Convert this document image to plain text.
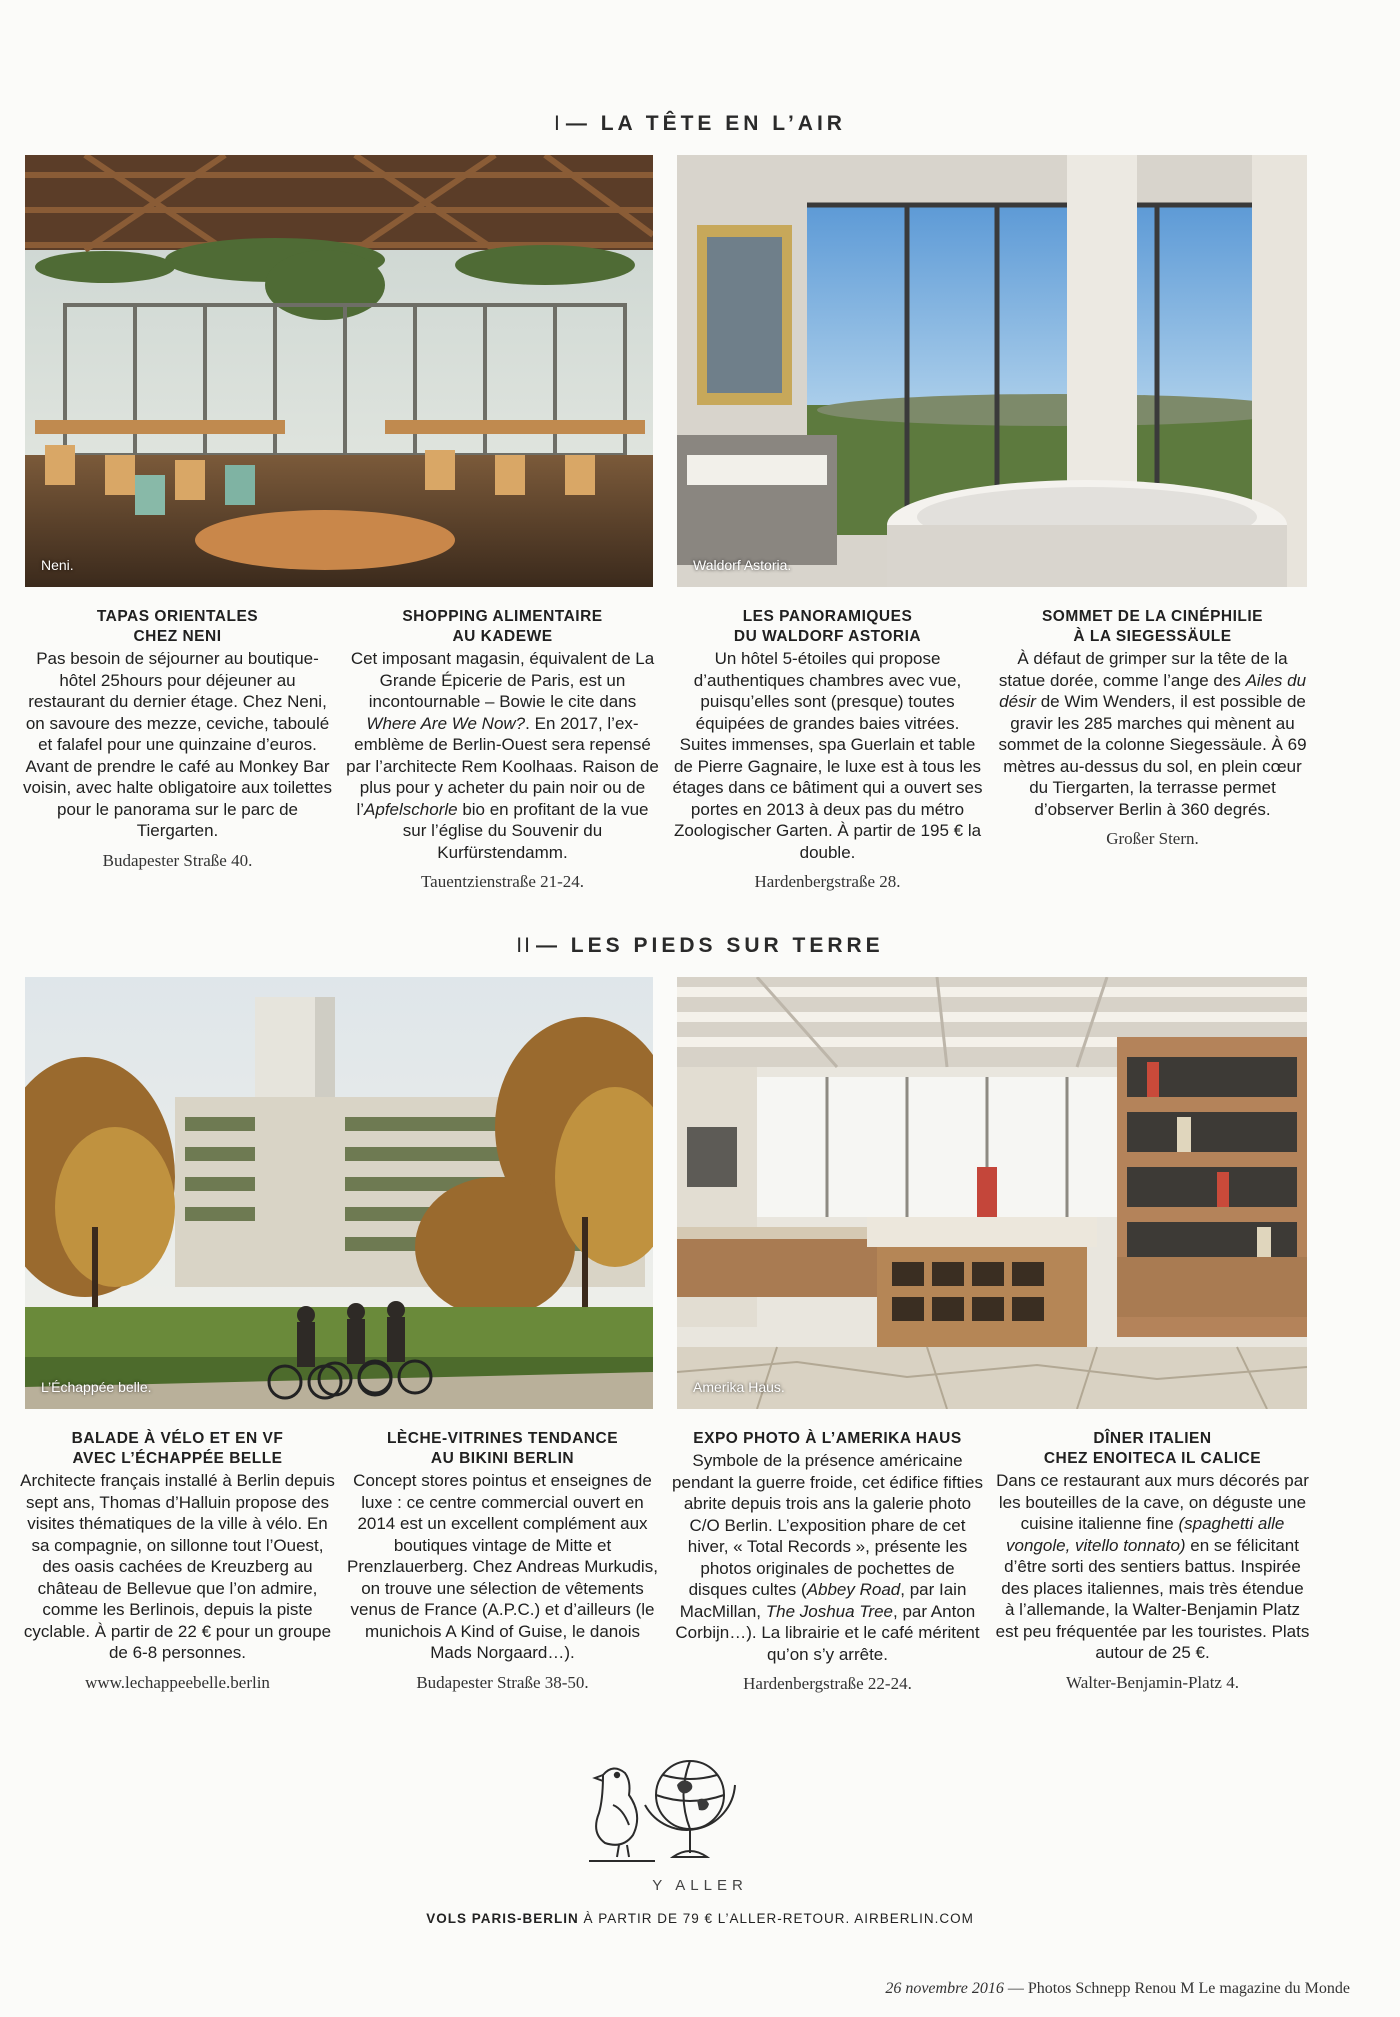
I — LA TÊTE EN L’AIR
Neni.	Waldorf Astoria.
TAPAS ORIENTALES
CHEZ NENI
Pas besoin de séjourner au boutique-hôtel 25hours pour déjeuner au restaurant du dernier étage. Chez Neni, on savoure des mezze, ceviche, taboulé et falafel pour une quinzaine d’euros. Avant de prendre le café au Monkey Bar voisin, avec halte obligatoire aux toilettes pour le panorama sur le parc de Tiergarten.
Budapester Straße 40.
SHOPPING ALIMENTAIRE
AU KADEWE
Cet imposant magasin, équivalent de La Grande Épicerie de Paris, est un incontournable – Bowie le cite dans Where Are We Now?. En 2017, l’ex-emblème de Berlin-Ouest sera repensé par l’architecte Rem Koolhaas. Raison de plus pour y acheter du pain noir ou de l’Apfelschorle bio en profitant de la vue sur l’église du Souvenir du Kurfürstendamm.
Tauentzienstraße 21-24.
LES PANORAMIQUES
DU WALDORF ASTORIA
Un hôtel 5-étoiles qui propose d’authentiques chambres avec vue, puisqu’elles sont (presque) toutes équipées de grandes baies vitrées. Suites immenses, spa Guerlain et table de Pierre Gagnaire, le luxe est à tous les étages dans ce bâtiment qui a ouvert ses portes en 2013 à deux pas du métro Zoologischer Garten. À partir de 195 € la double.
Hardenbergstraße 28.
SOMMET DE LA CINÉPHILIE
À LA SIEGESSÄULE
À défaut de grimper sur la tête de la statue dorée, comme l’ange des Ailes du désir de Wim Wenders, il est possible de gravir les 285 marches qui mènent au sommet de la colonne Siegessäule. À 69 mètres au-dessus du sol, en plein cœur du Tiergarten, la terrasse permet d’observer Berlin à 360 degrés.
Großer Stern.
II — LES PIEDS SUR TERRE
L’Échappée belle.	Amerika Haus.
BALADE À VÉLO ET EN VF
AVEC L’ÉCHAPPÉE BELLE
Architecte français installé à Berlin depuis sept ans, Thomas d’Halluin propose des visites thématiques de la ville à vélo. En sa compagnie, on sillonne tout l’Ouest, des oasis cachées de Kreuzberg au château de Bellevue que l’on admire, comme les Berlinois, depuis la piste cyclable. À partir de 22 € pour un groupe de 6-8 personnes.
www.lechappeebelle.berlin
LÈCHE-VITRINES TENDANCE
AU BIKINI BERLIN
Concept stores pointus et enseignes de luxe : ce centre commercial ouvert en 2014 est un excellent complément aux boutiques vintage de Mitte et Prenzlauerberg. Chez Andreas Murkudis, on trouve une sélection de vêtements venus de France (A.P.C.) et d’ailleurs (le munichois A Kind of Guise, le danois Mads Norgaard…).
Budapester Straße 38-50.
EXPO PHOTO À L’AMERIKA HAUS
Symbole de la présence américaine pendant la guerre froide, cet édifice fifties abrite depuis trois ans la galerie photo C/O Berlin. L’exposition phare de cet hiver, « Total Records », présente les photos originales de pochettes de disques cultes (Abbey Road, par Iain MacMillan, The Joshua Tree, par Anton Corbijn…). La librairie et le café méritent qu’on s’y arrête.
Hardenbergstraße 22-24.
DÎNER ITALIEN
CHEZ ENOITECA IL CALICE
Dans ce restaurant aux murs décorés par les bouteilles de la cave, on déguste une cuisine italienne fine (spaghetti alle vongole, vitello tonnato) en se félicitant d’être sorti des sentiers battus. Inspirée des places italiennes, mais très étendue à l’allemande, la Walter-Benjamin Platz est peu fréquentée par les touristes. Plats autour de 25 €.
Walter-Benjamin-Platz 4.
Y ALLER
VOLS PARIS-BERLIN À PARTIR DE 79 € L’ALLER-RETOUR. AIRBERLIN.COM
26 novembre 2016 — Photos Schnepp Renou M Le magazine du Monde
